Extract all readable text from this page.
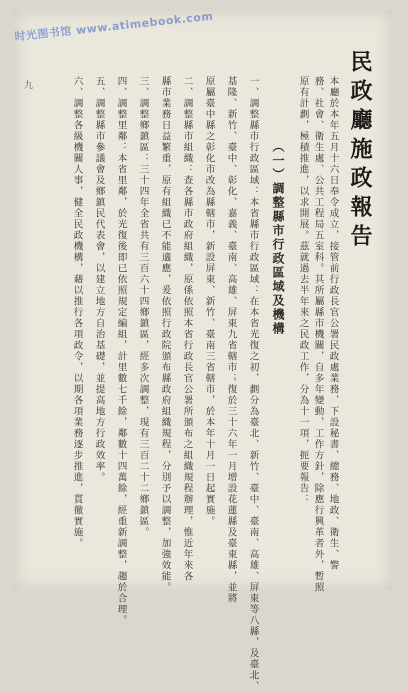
时光图书馆 www.atimebook.com
九	民政廳施政報告
本廳於本年五月十六日奉令成立，接管前行政長官公署民政處業務，下設秘書、總務、地政、衛生、警
務、社會、衛生處、公共工程局五室科。其所屬縣市機關，自多年變動，工作方針，除應行興革者外，暫照
原有計劃，極積推進，以求開展。茲就過去半年來之民政工作，分為十一項，扼要報告：
（一）調整縣市行政區域及機構
一、調整縣市行政區域：本省縣市行政區域：在本省光復之初，劃分為臺北、新竹、臺中、臺南、高雄、屏東等八縣，及臺北、
基隆、新竹、臺中、彰化、嘉義、臺南、高雄、屏東九省轄市；復於三十六年一月增設花蓮縣及臺東縣，並將
原屬臺中縣之彰化市改為縣轄市，新設屏東、新竹、臺南三省轄市，於本年十月一日起實施。
二、調整縣市組織：查各縣市政府組織，原係依照本省行政長官公署所頒布之組織規程辦理，惟近年來各
縣市業務日益繁重，原有組織已不能適應，爰依照行政院頒布縣政府組織規程，分別予以調整，加強效能。
三、調整鄉鎮區：三十四年全省共有三百六十四鄉鎮區，經多次調整，現有三百二十二鄉鎮區。
四、調整里鄰：本省里鄰，於光復後即已依照規定編組，計里數七千餘，鄰數十四萬餘，經重新調整，趨於合理。
五、調整縣市參議會及鄉鎮民代表會，以建立地方自治基礎，並提高地方行政效率。
六、調整各級機關人事，健全民政機構，藉以推行各項政令，以期各項業務逐步推進，貫徹實施。
